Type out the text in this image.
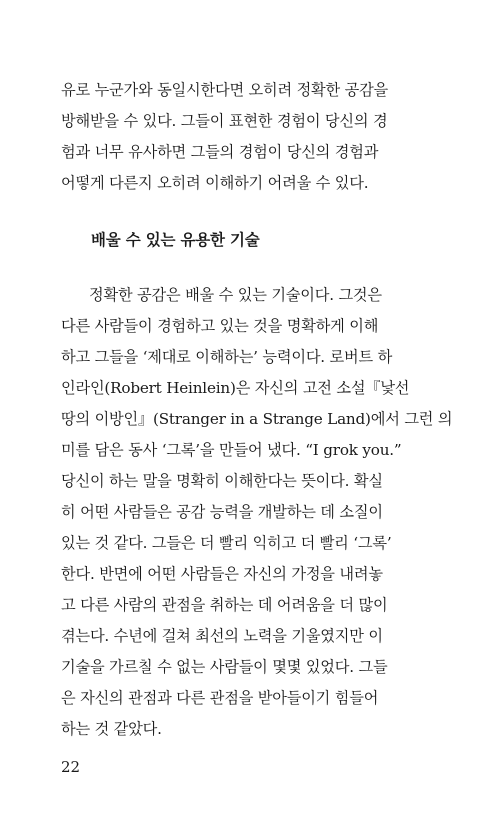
유로 누군가와 동일시한다면 오히려 정확한 공감을
방해받을 수 있다. 그들이 표현한 경험이 당신의 경
험과 너무 유사하면 그들의 경험이 당신의 경험과
어떻게 다른지 오히려 이해하기 어려울 수 있다.
배울 수 있는 유용한 기술
정확한 공감은 배울 수 있는 기술이다. 그것은
다른 사람들이 경험하고 있는 것을 명확하게 이해
하고 그들을 ‘제대로 이해하는’ 능력이다. 로버트 하
인라인(Robert Heinlein)은 자신의 고전 소설『낯선
땅의 이방인』(Stranger in a Strange Land)에서 그런 의
미를 담은 동사 ‘그록’을 만들어 냈다. “I grok you.”
당신이 하는 말을 명확히 이해한다는 뜻이다. 확실
히 어떤 사람들은 공감 능력을 개발하는 데 소질이
있는 것 같다. 그들은 더 빨리 익히고 더 빨리 ‘그록’
한다. 반면에 어떤 사람들은 자신의 가정을 내려놓
고 다른 사람의 관점을 취하는 데 어려움을 더 많이
겪는다. 수년에 걸쳐 최선의 노력을 기울였지만 이
기술을 가르칠 수 없는 사람들이 몇몇 있었다. 그들
은 자신의 관점과 다른 관점을 받아들이기 힘들어
하는 것 같았다.
22
